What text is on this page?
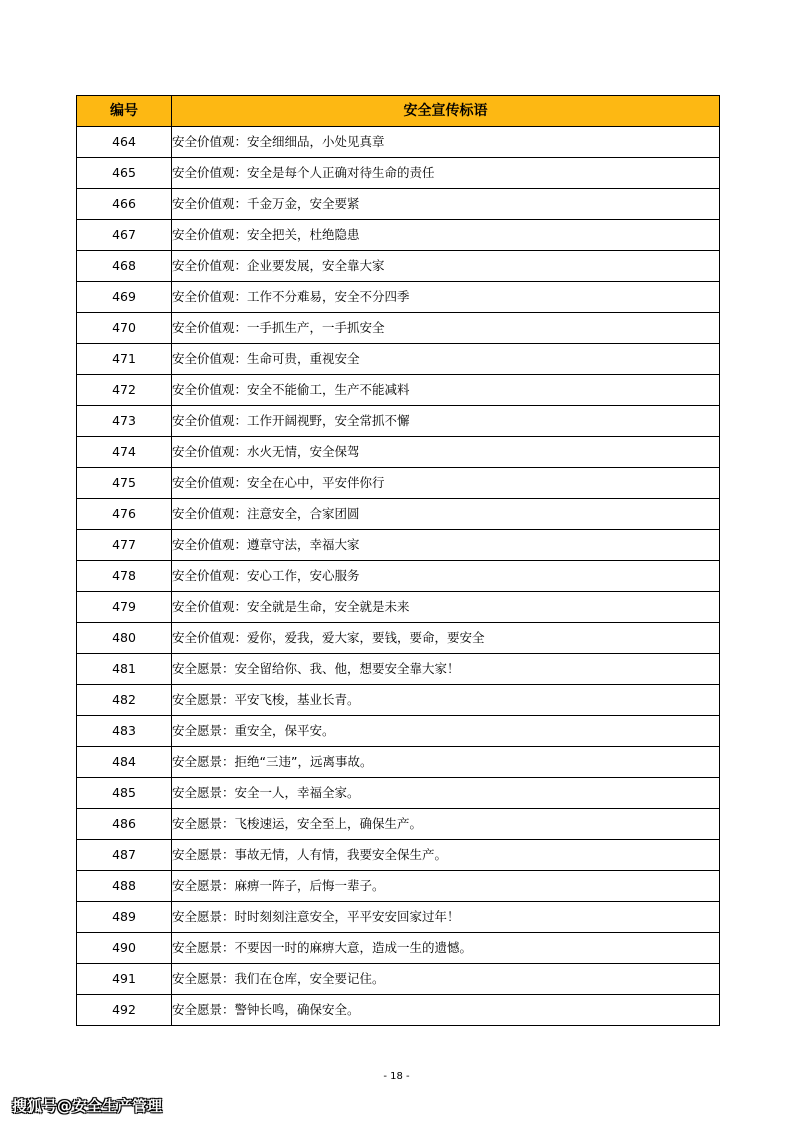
编号	安全宣传标语
464	安全价值观：安全细细品，小处见真章
465	安全价值观：安全是每个人正确对待生命的责任
466	安全价值观：千金万金，安全要紧
467	安全价值观：安全把关，杜绝隐患
468	安全价值观：企业要发展，安全靠大家
469	安全价值观：工作不分难易，安全不分四季
470	安全价值观：一手抓生产，一手抓安全
471	安全价值观：生命可贵，重视安全
472	安全价值观：安全不能偷工，生产不能减料
473	安全价值观：工作开阔视野，安全常抓不懈
474	安全价值观：水火无情，安全保驾
475	安全价值观：安全在心中，平安伴你行
476	安全价值观：注意安全，合家团圆
477	安全价值观：遵章守法，幸福大家
478	安全价值观：安心工作，安心服务
479	安全价值观：安全就是生命，安全就是未来
480	安全价值观：爱你，爱我，爱大家，要钱，要命，要安全
481	安全愿景：安全留给你、我、他，想要安全靠大家！
482	安全愿景：平安飞梭，基业长青。
483	安全愿景：重安全，保平安。
484	安全愿景：拒绝“三违”，远离事故。
485	安全愿景：安全一人，幸福全家。
486	安全愿景：飞梭速运，安全至上，确保生产。
487	安全愿景：事故无情，人有情，我要安全保生产。
488	安全愿景：麻痹一阵子，后悔一辈子。
489	安全愿景：时时刻刻注意安全，平平安安回家过年！
490	安全愿景：不要因一时的麻痹大意，造成一生的遗憾。
491	安全愿景：我们在仓库，安全要记住。
492	安全愿景：警钟长鸣，确保安全。
- 18 -
搜狐号@安全生产管理
